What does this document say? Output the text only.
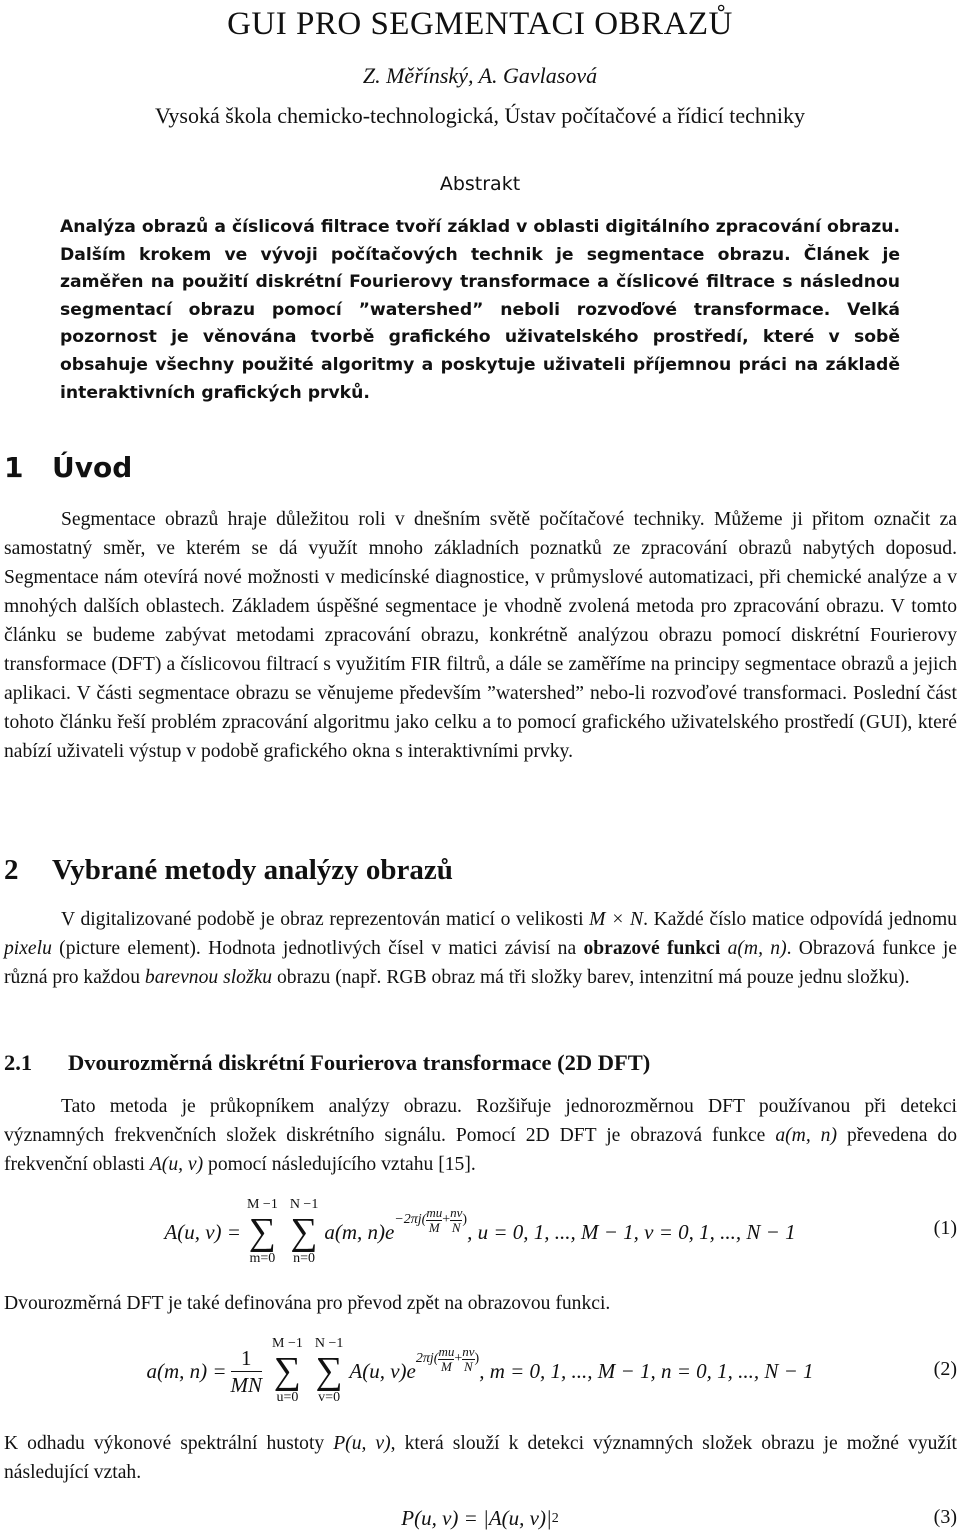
GUI PRO SEGMENTACI OBRAZŮ
Z. Měřínský, A. Gavlasová
Vysoká škola chemicko-technologická, Ústav počítačové a řídicí techniky
Abstrakt
Analýza obrazů a číslicová filtrace tvoří základ v oblasti digitálního zpracování obrazu. Dalším krokem ve vývoji počítačových technik je segmentace obrazu. Článek je zaměřen na použití diskrétní Fourierovy transformace a číslicové filtrace s následnou segmentací obrazu pomocí ”watershed” neboli rozvoďové transformace. Velká pozornost je věnována tvorbě grafického uživatelského prostředí, které v sobě obsahuje všechny použité algoritmy a poskytuje uživateli příjemnou práci na základě interaktivních grafických prvků.
1 Úvod
Segmentace obrazů hraje důležitou roli v dnešním světě počítačové techniky. Můžeme ji přitom označit za samostatný směr, ve kterém se dá využít mnoho základních poznatků ze zpracování obrazů nabytých doposud. Segmentace nám otevírá nové možnosti v medicínské diagnostice, v průmyslové automatizaci, při chemické analýze a v mnohých dalších oblastech. Základem úspěšné segmentace je vhodně zvolená metoda pro zpracování obrazu. V tomto článku se budeme zabývat metodami zpracování obrazu, konkrétně analýzou obrazu pomocí diskrétní Fourierovy transformace (DFT) a číslicovou filtrací s využitím FIR filtrů, a dále se zaměříme na principy segmentace obrazů a jejich aplikaci. V části segmentace obrazu se věnujeme především ”watershed” nebo-li rozvoďové transformaci. Poslední část tohoto článku řeší problém zpracování algoritmu jako celku a to pomocí grafického uživatelského prostředí (GUI), které nabízí uživateli výstup v podobě grafického okna s interaktivními prvky.
2 Vybrané metody analýzy obrazů
V digitalizované podobě je obraz reprezentován maticí o velikosti M × N. Každé číslo matice odpovídá jednomu pixelu (picture element). Hodnota jednotlivých čísel v matici závisí na obrazové funkci a(m, n). Obrazová funkce je různá pro každou barevnou složku obrazu (např. RGB obraz má tři složky barev, intenzitní má pouze jednu složku).
2.1 Dvourozměrná diskrétní Fourierova transformace (2D DFT)
Tato metoda je průkopníkem analýzy obrazu. Rozšiřuje jednorozměrnou DFT používanou při detekci významných frekvenčních složek diskrétního signálu. Pomocí 2D DFT je obrazová funkce a(m, n) převedena do frekvenční oblasti A(u, v) pomocí následujícího vztahu [15].
A(u, v) =
M −1
∑
m=0
N −1
∑
n=0
a(m, n)e $^{-2\pi j( \frac{mu}{M} + \frac{nv}{N} )}$ , u = 0, 1, ..., M − 1, v = 0, 1, ..., N − 1	(1)
Dvourozměrná DFT je také definována pro převod zpět na obrazovou funkci.
a(m, n) =
1
MN
M −1
∑
u=0
N −1
∑
v=0
A(u, v)e $^{2\pi j( \frac{mu}{M} + \frac{nv}{N} )}$ , m = 0, 1, ..., M − 1, n = 0, 1, ..., N − 1	(2)
K odhadu výkonové spektrální hustoty P(u, v), která slouží k detekci významných složek obrazu je možné využít následující vztah.
P(u, v) = |A(u, v)| 2	(3)
